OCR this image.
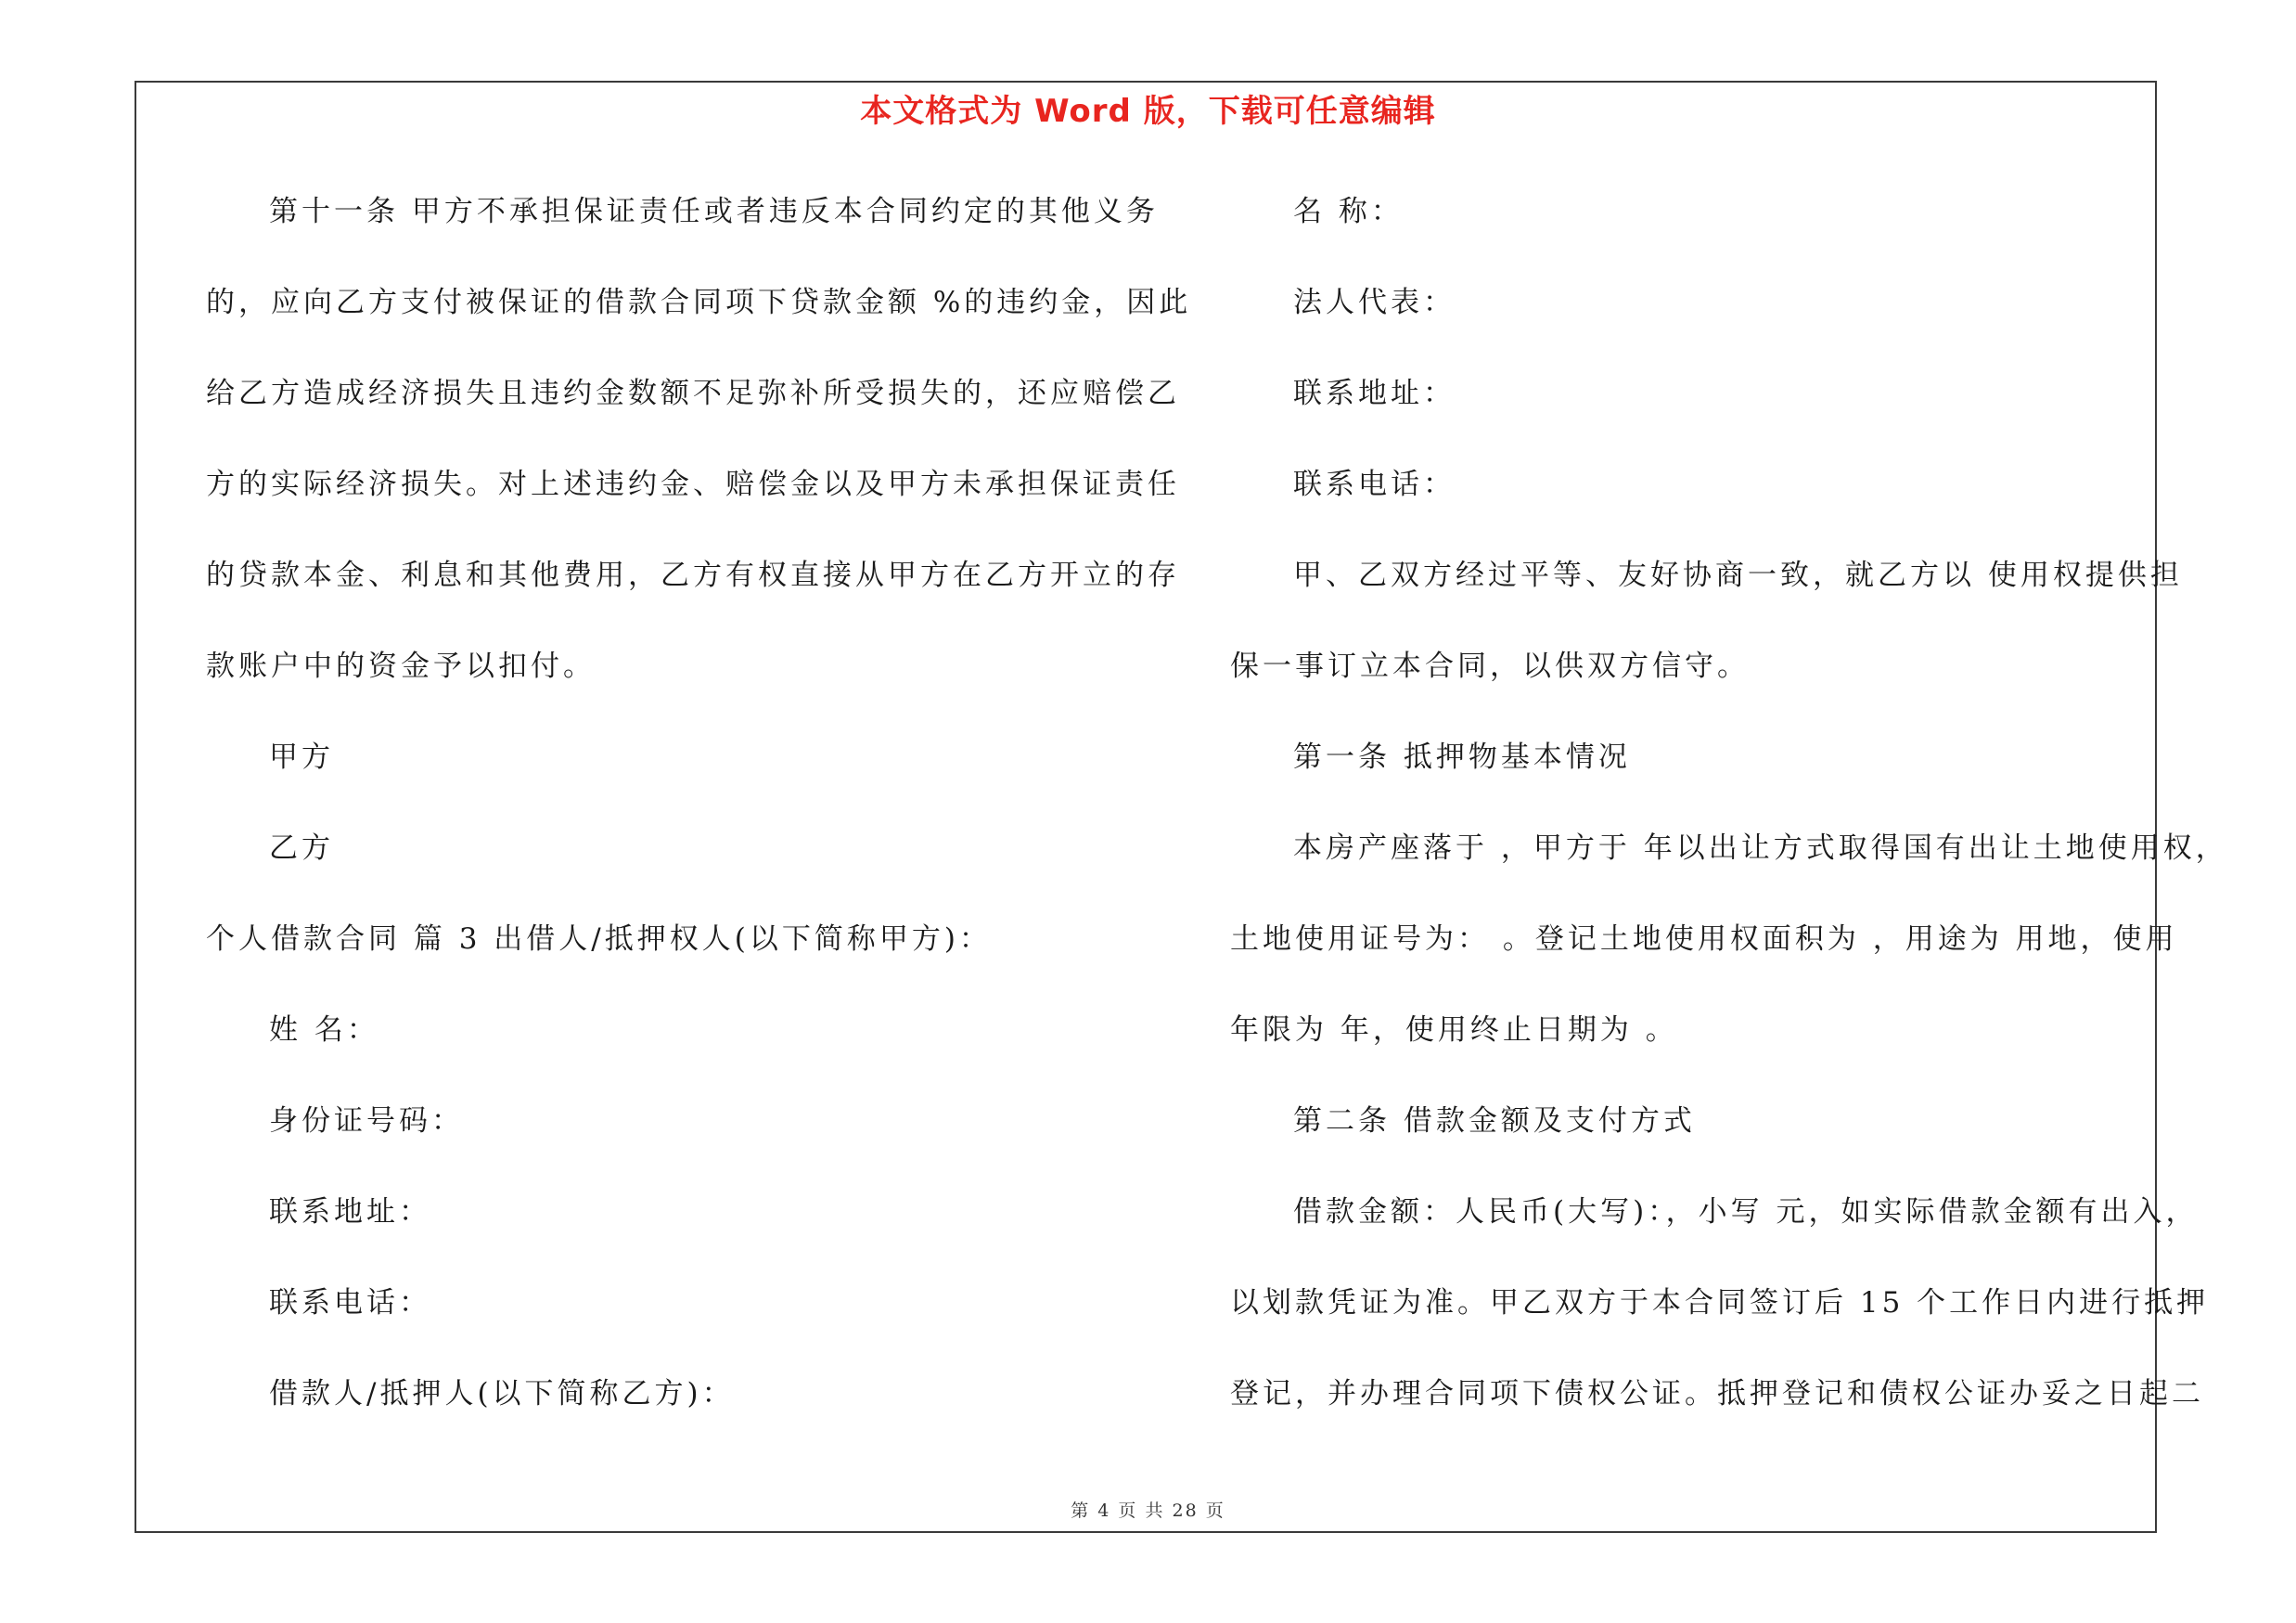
本文格式为 Word 版，下载可任意编辑
第十一条 甲方不承担保证责任或者违反本合同约定的其他义务
的，应向乙方支付被保证的借款合同项下贷款金额 %的违约金，因此
给乙方造成经济损失且违约金数额不足弥补所受损失的，还应赔偿乙
方的实际经济损失。对上述违约金、赔偿金以及甲方未承担保证责任
的贷款本金、利息和其他费用，乙方有权直接从甲方在乙方开立的存
款账户中的资金予以扣付。
甲方
乙方
个人借款合同 篇 3 出借人/抵押权人(以下简称甲方)：
姓 名：
身份证号码：
联系地址：
联系电话：
借款人/抵押人(以下简称乙方)：
名 称：
法人代表：
联系地址：
联系电话：
甲、乙双方经过平等、友好协商一致，就乙方以 使用权提供担
保一事订立本合同，以供双方信守。
第一条 抵押物基本情况
本房产座落于 ，甲方于 年以出让方式取得国有出让土地使用权，
土地使用证号为： 。登记土地使用权面积为 ，用途为 用地，使用
年限为 年，使用终止日期为 。
第二条 借款金额及支付方式
借款金额：人民币(大写)：，小写 元，如实际借款金额有出入，
以划款凭证为准。甲乙双方于本合同签订后 15 个工作日内进行抵押
登记，并办理合同项下债权公证。抵押登记和债权公证办妥之日起二
第 4 页 共 28 页
